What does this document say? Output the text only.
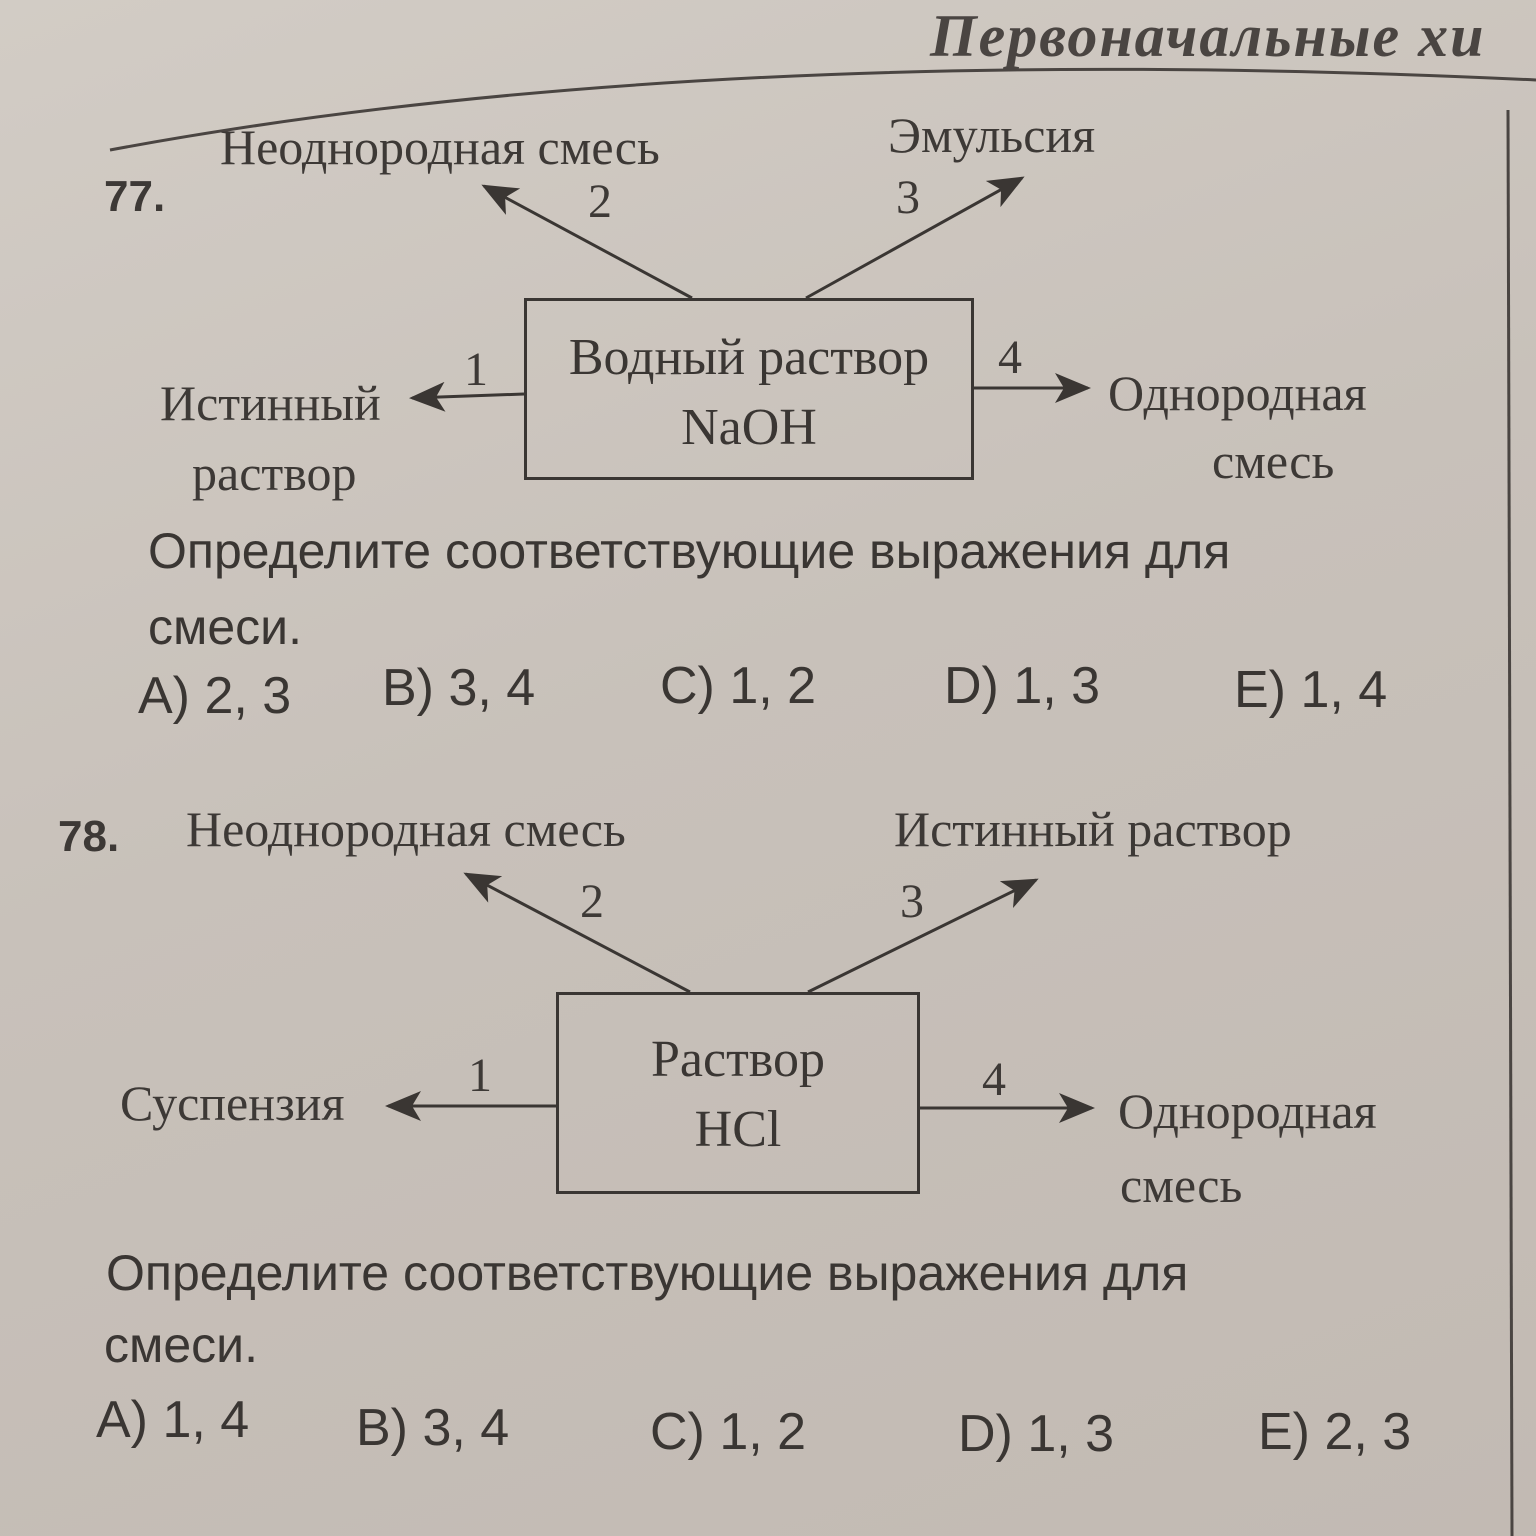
Первоначальные хи
77.
Неоднородная смесь
2
Эмульсия
3
Водный раствор
NaOH
1
Истинный
раствор
4
Однородная
смесь
Определите соответствующие выражения для
смеси.
A) 2, 3 B) 3, 4 C) 1, 2 D) 1, 3	E) 1, 4
78. Неоднородная смесь
2
Истинный раствор
3
Раствор
HCl
1
Суспензия	4
Однородная
смесь
Определите соответствующие выражения для
смеси.
A) 1, 4 B) 3, 4	C) 1, 2	D) 1, 3	E) 2, 3
